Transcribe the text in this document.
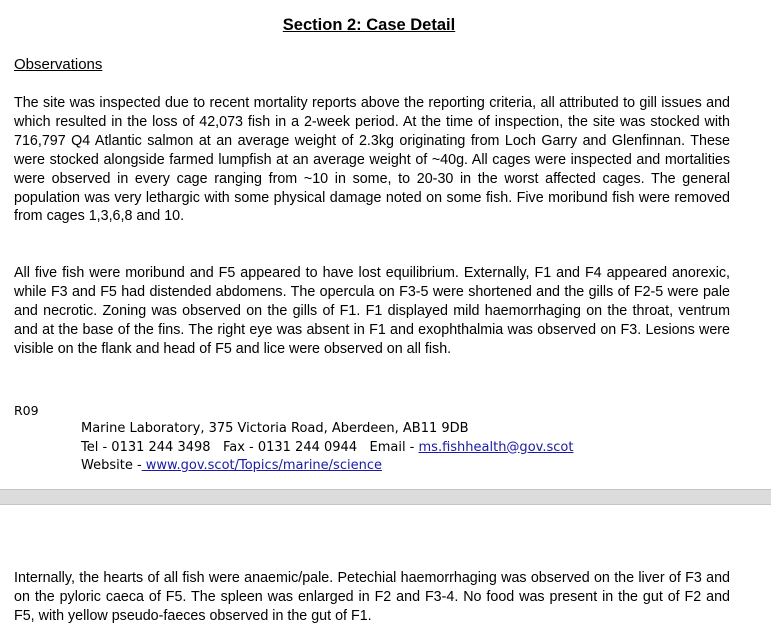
Section 2: Case Detail
Observations

The site was inspected due to recent mortality reports above the reporting criteria, all attributed to gill issues and which resulted in the loss of 42,073 fish in a 2-week period. At the time of inspection, the site was stocked with 716,797 Q4 Atlantic salmon at an average weight of 2.3kg originating from Loch Garry and Glenfinnan. These were stocked alongside farmed lumpfish at an average weight of ~40g. All cages were inspected and mortalities were observed in every cage ranging from ~10 in some, to 20-30 in the worst affected cages. The general population was very lethargic with some physical damage noted on some fish. Five moribund fish were removed from cages 1,3,6,8 and 10.

All five fish were moribund and F5 appeared to have lost equilibrium. Externally, F1 and F4 appeared anorexic, while F3 and F5 had distended abdomens. The opercula on F3-5 were shortened and the gills of F2-5 were pale and necrotic. Zoning was observed on the gills of F1. F1 displayed mild haemorrhaging on the throat, ventrum and at the base of the fins. The right eye was absent in F1 and exophthalmia was observed on F3. Lesions were visible on the flank and head of F5 and lice were observed on all fish.

R09
Marine Laboratory, 375 Victoria Road, Aberdeen, AB11 9DB
Tel - 0131 244 3498   Fax - 0131 244 0944   Email - ms.fishhealth@gov.scot
Website - www.gov.scot/Topics/marine/science

Internally, the hearts of all fish were anaemic/pale. Petechial haemorrhaging was observed on the liver of F3 and on the pyloric caeca of F5. The spleen was enlarged in F2 and F3-4. No food was present in the gut of F2 and F5, with yellow pseudo-faeces observed in the gut of F1.
